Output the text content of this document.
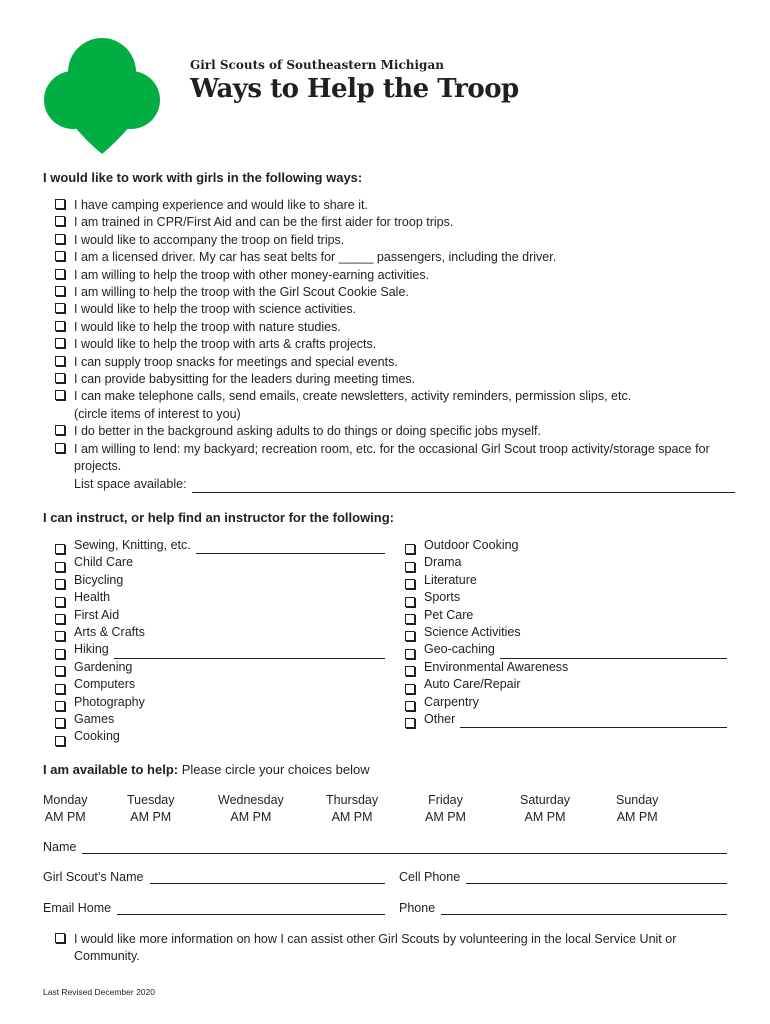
Girl Scouts of Southeastern Michigan
Ways to Help the Troop
I would like to work with girls in the following ways:
I have camping experience and would like to share it.
I am trained in CPR/First Aid and can be the first aider for troop trips.
I would like to accompany the troop on field trips.
I am a licensed driver. My car has seat belts for _____ passengers, including the driver.
I am willing to help the troop with other money-earning activities.
I am willing to help the troop with the Girl Scout Cookie Sale.
I would like to help the troop with science activities.
I would like to help the troop with nature studies.
I would like to help the troop with arts & crafts projects.
I can supply troop snacks for meetings and special events.
I can provide babysitting for the leaders during meeting times.
I can make telephone calls, send emails, create newsletters, activity reminders, permission slips, etc.
(circle items of interest to you)
I do better in the background asking adults to do things or doing specific jobs myself.
I am willing to lend: my backyard; recreation room, etc. for the occasional Girl Scout troop activity/storage space for projects.
List space available:
I can instruct, or help find an instructor for the following:
Sewing, Knitting, etc.
Child Care
Bicycling
Health
First Aid
Arts & Crafts
Hiking
Gardening
Computers
Photography
Games
Cooking
Outdoor Cooking
Drama
Literature
Sports
Pet Care
Science Activities
Geo-caching
Environmental Awareness
Auto Care/Repair
Carpentry
Other
I am available to help: Please circle your choices below
Monday
AM PM
Tuesday
AM PM
Wednesday
AM PM
Thursday
AM PM
Friday
AM PM
Saturday
AM PM
Sunday
AM PM
Name
Girl Scout’s Name	Cell Phone
Email Home	Phone
I would like more information on how I can assist other Girl Scouts by volunteering in the local Service Unit or Community.
Last Revised December 2020
